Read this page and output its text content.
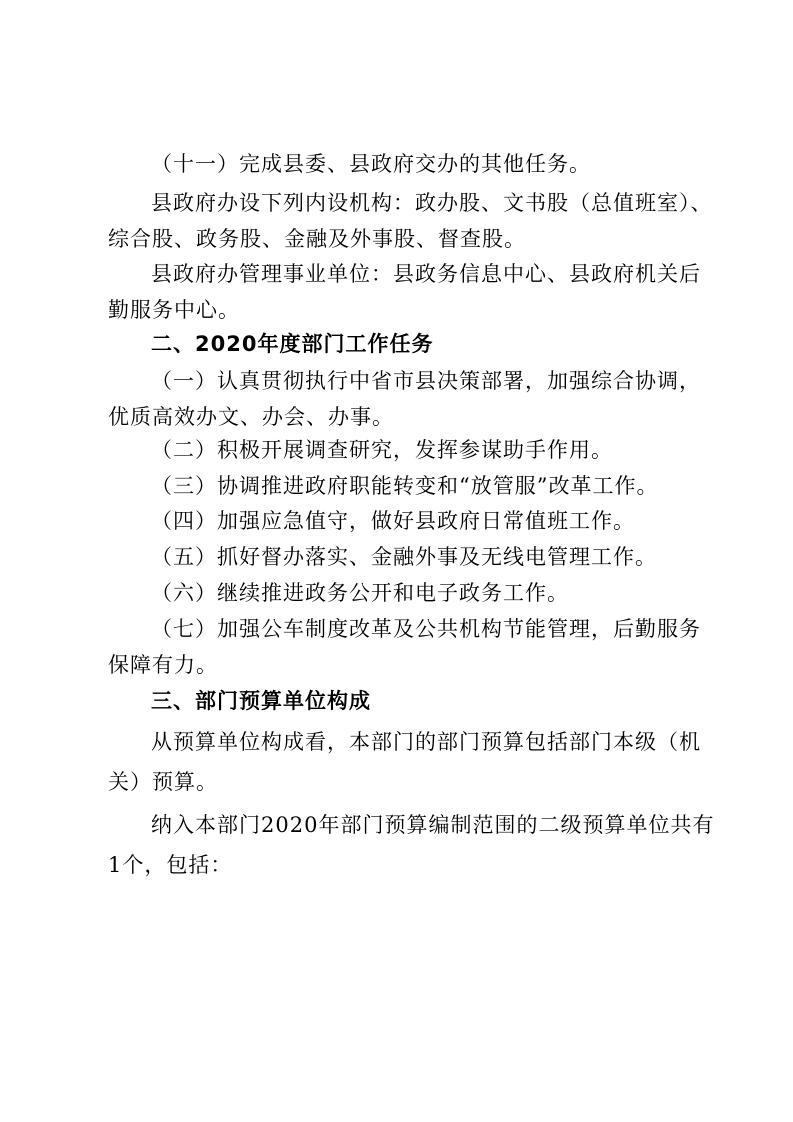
（十一）完成县委、县政府交办的其他任务。
县政府办设下列内设机构：政办股、文书股（总值班室）、综合股、政务股、金融及外事股、督查股。
县政府办管理事业单位：县政务信息中心、县政府机关后勤服务中心。
二、2020年度部门工作任务
（一）认真贯彻执行中省市县决策部署，加强综合协调，优质高效办文、办会、办事。
（二）积极开展调查研究，发挥参谋助手作用。
（三）协调推进政府职能转变和“放管服”改革工作。
（四）加强应急值守，做好县政府日常值班工作。
（五）抓好督办落实、金融外事及无线电管理工作。
（六）继续推进政务公开和电子政务工作。
（七）加强公车制度改革及公共机构节能管理，后勤服务保障有力。
三、部门预算单位构成
从预算单位构成看，本部门的部门预算包括部门本级（机关）预算。
纳入本部门2020年部门预算编制范围的二级预算单位共有1个，包括：
